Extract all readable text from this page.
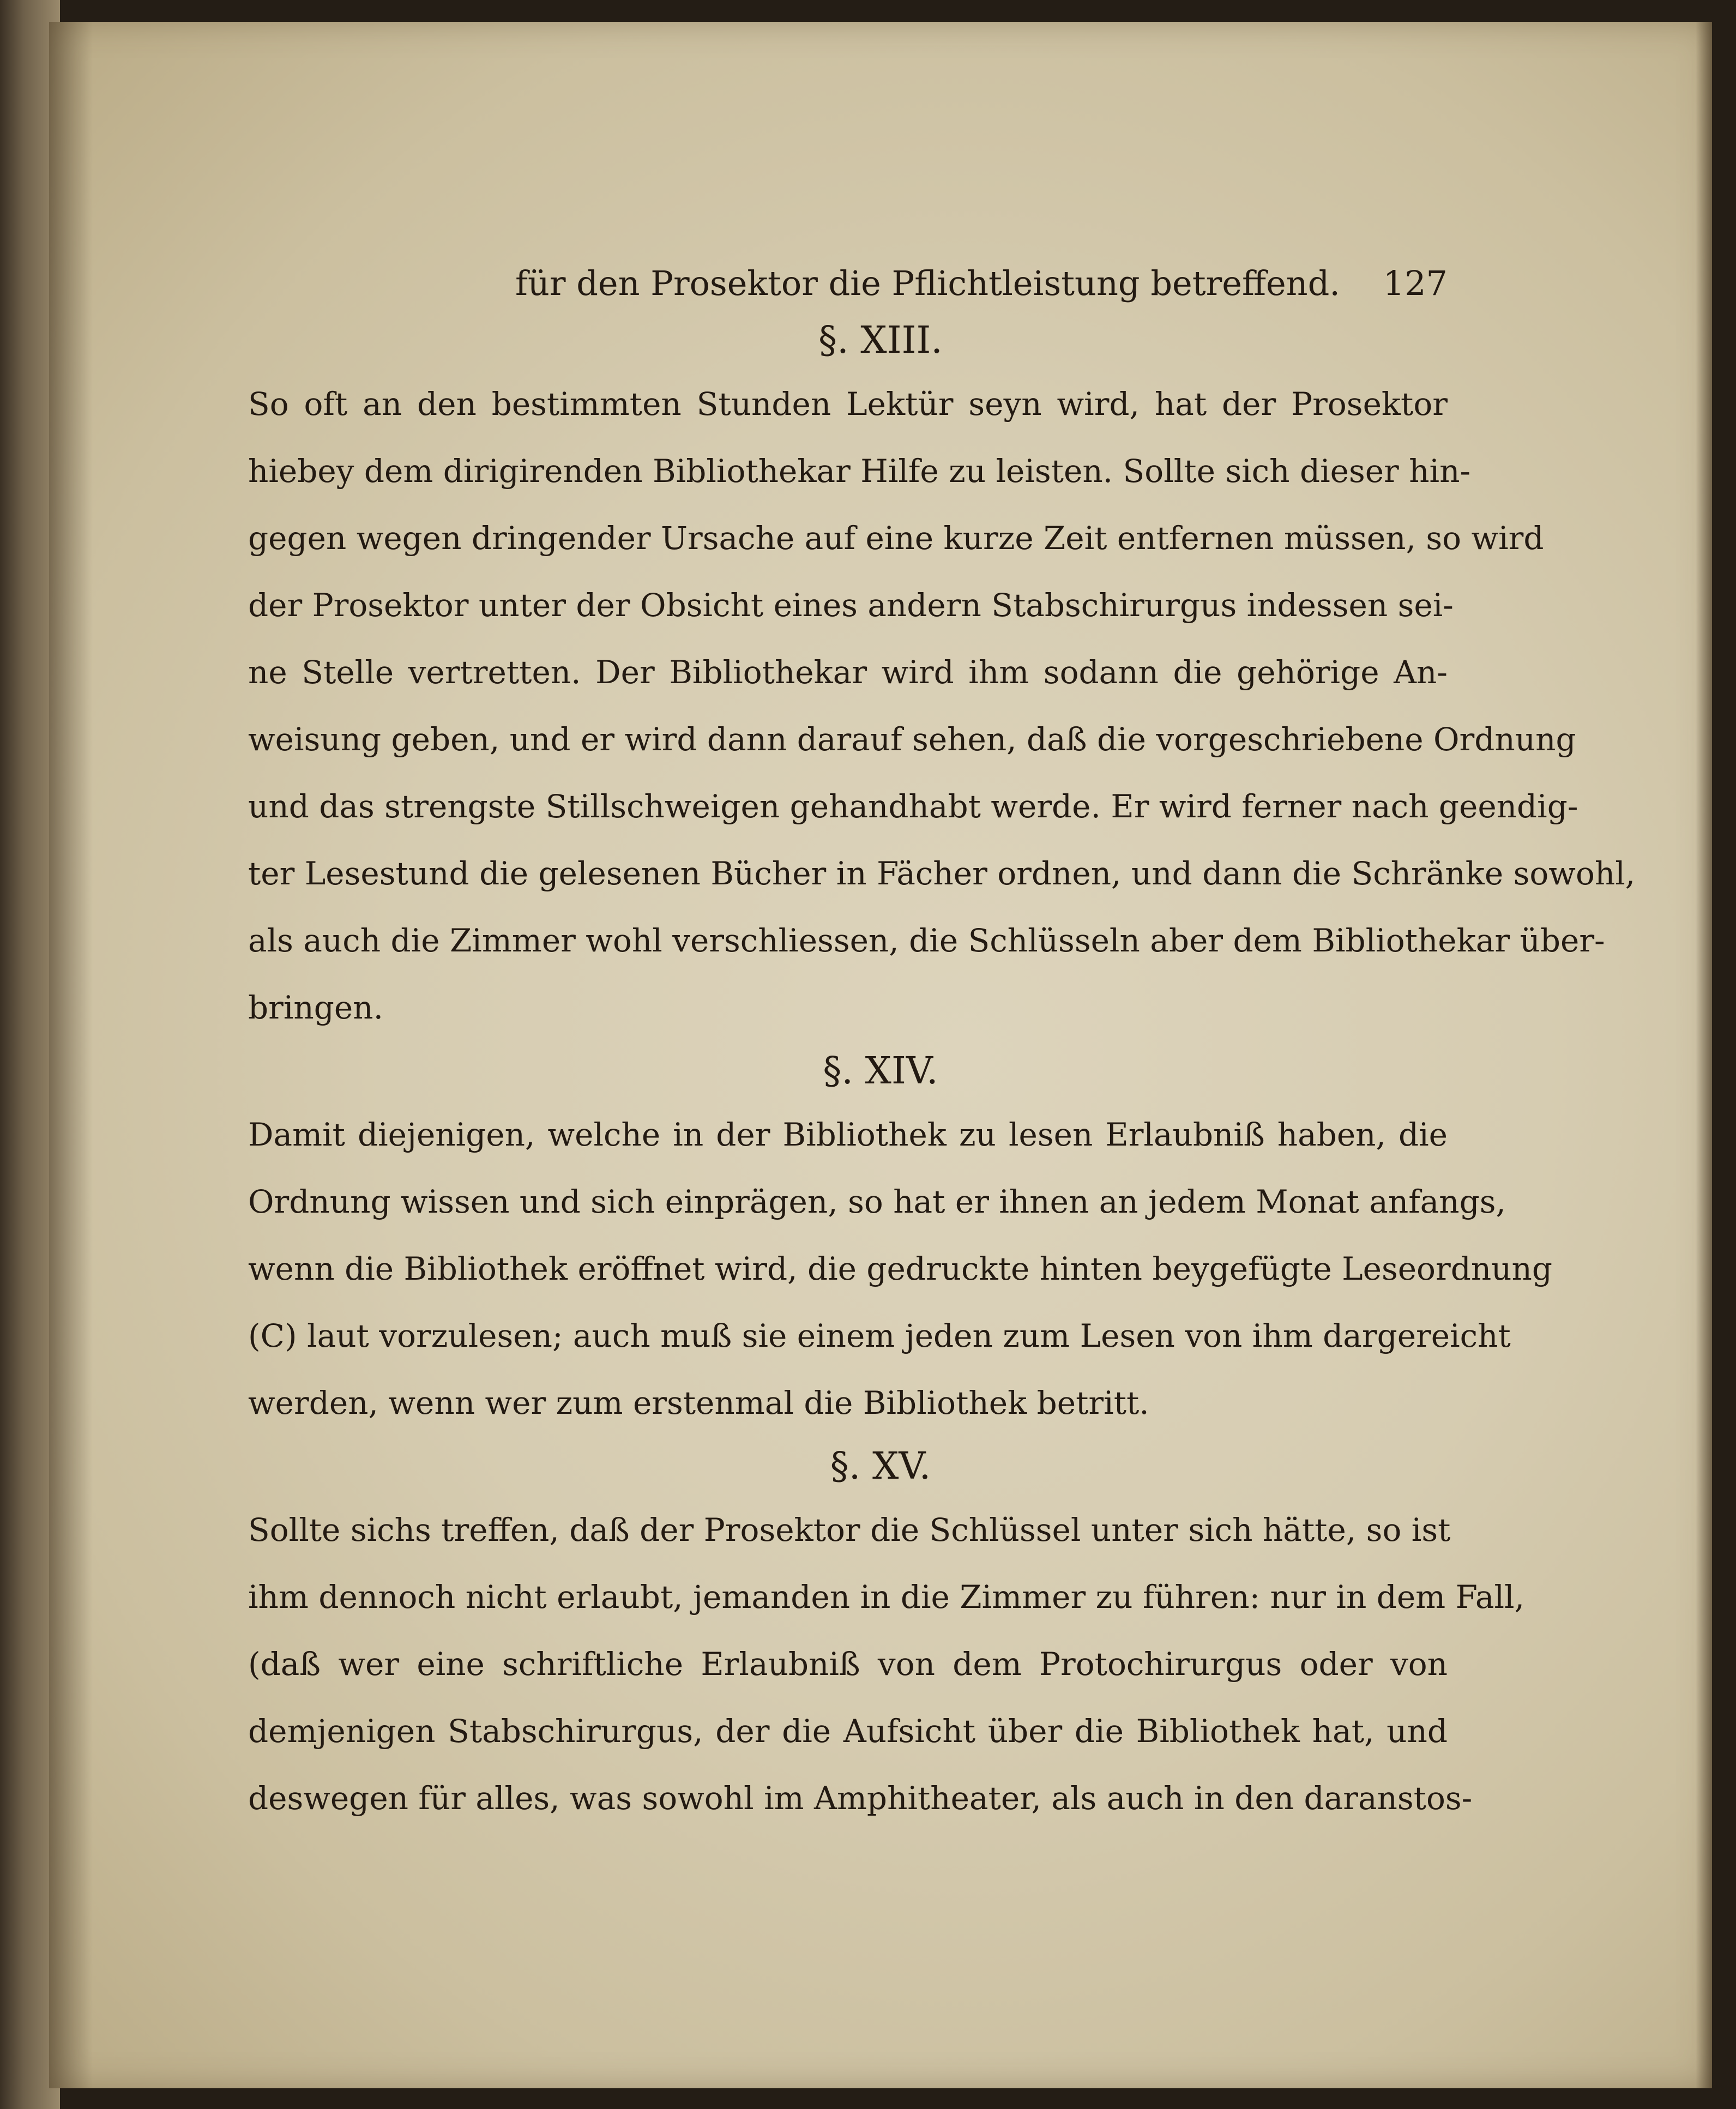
für den Prosektor die Pflichtleistung betreffend. 127
§. XIII.
So oft an den bestimmten Stunden Lektür seyn wird, hat der Prosektor
hiebey dem dirigirenden Bibliothekar Hilfe zu leisten. Sollte sich dieser hin-
gegen wegen dringender Ursache auf eine kurze Zeit entfernen müssen, so wird
der Prosektor unter der Obsicht eines andern Stabschirurgus indessen sei-
ne Stelle vertretten. Der Bibliothekar wird ihm sodann die gehörige An-
weisung geben, und er wird dann darauf sehen, daß die vorgeschriebene Ordnung
und das strengste Stillschweigen gehandhabt werde. Er wird ferner nach geendig-
ter Lesestund die gelesenen Bücher in Fächer ordnen, und dann die Schränke sowohl,
als auch die Zimmer wohl verschliessen, die Schlüsseln aber dem Bibliothekar über-
bringen.
§. XIV.
Damit diejenigen, welche in der Bibliothek zu lesen Erlaubniß haben, die
Ordnung wissen und sich einprägen, so hat er ihnen an jedem Monat anfangs,
wenn die Bibliothek eröffnet wird, die gedruckte hinten beygefügte Leseordnung
(C) laut vorzulesen; auch muß sie einem jeden zum Lesen von ihm dargereicht
werden, wenn wer zum erstenmal die Bibliothek betritt.
§. XV.
Sollte sichs treffen, daß der Prosektor die Schlüssel unter sich hätte, so ist
ihm dennoch nicht erlaubt, jemanden in die Zimmer zu führen: nur in dem Fall,
(daß wer eine schriftliche Erlaubniß von dem Protochirurgus oder von
demjenigen Stabschirurgus, der die Aufsicht über die Bibliothek hat, und
deswegen für alles, was sowohl im Amphitheater, als auch in den daranstos-
